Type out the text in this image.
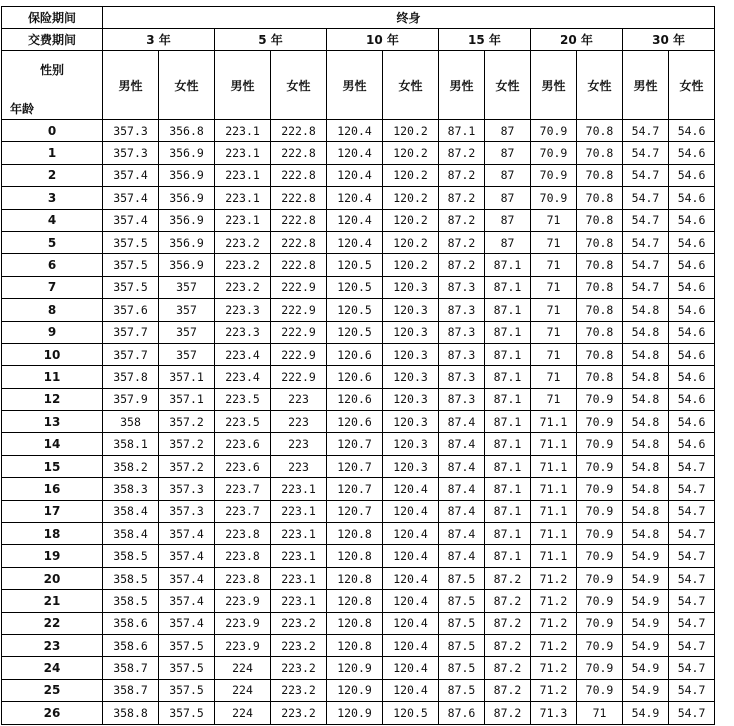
保险期间	终身											
交费期间	3 年		5 年		10 年		15 年		20 年		30 年	
性别	男性	女性	男性	女性	男性	女性	男性	女性	男性	女性	男性	女性
年龄												
0	357.3	356.8	223.1	222.8	120.4	120.2	87.1	87	70.9	70.8	54.7	54.6
1	357.3	356.9	223.1	222.8	120.4	120.2	87.2	87	70.9	70.8	54.7	54.6
2	357.4	356.9	223.1	222.8	120.4	120.2	87.2	87	70.9	70.8	54.7	54.6
3	357.4	356.9	223.1	222.8	120.4	120.2	87.2	87	70.9	70.8	54.7	54.6
4	357.4	356.9	223.1	222.8	120.4	120.2	87.2	87	71	70.8	54.7	54.6
5	357.5	356.9	223.2	222.8	120.4	120.2	87.2	87	71	70.8	54.7	54.6
6	357.5	356.9	223.2	222.8	120.5	120.2	87.2	87.1	71	70.8	54.7	54.6
7	357.5	357	223.2	222.9	120.5	120.3	87.3	87.1	71	70.8	54.7	54.6
8	357.6	357	223.3	222.9	120.5	120.3	87.3	87.1	71	70.8	54.8	54.6
9	357.7	357	223.3	222.9	120.5	120.3	87.3	87.1	71	70.8	54.8	54.6
10	357.7	357	223.4	222.9	120.6	120.3	87.3	87.1	71	70.8	54.8	54.6
11	357.8	357.1	223.4	222.9	120.6	120.3	87.3	87.1	71	70.8	54.8	54.6
12	357.9	357.1	223.5	223	120.6	120.3	87.3	87.1	71	70.9	54.8	54.6
13	358	357.2	223.5	223	120.6	120.3	87.4	87.1	71.1	70.9	54.8	54.6
14	358.1	357.2	223.6	223	120.7	120.3	87.4	87.1	71.1	70.9	54.8	54.6
15	358.2	357.2	223.6	223	120.7	120.3	87.4	87.1	71.1	70.9	54.8	54.7
16	358.3	357.3	223.7	223.1	120.7	120.4	87.4	87.1	71.1	70.9	54.8	54.7
17	358.4	357.3	223.7	223.1	120.7	120.4	87.4	87.1	71.1	70.9	54.8	54.7
18	358.4	357.4	223.8	223.1	120.8	120.4	87.4	87.1	71.1	70.9	54.8	54.7
19	358.5	357.4	223.8	223.1	120.8	120.4	87.4	87.1	71.1	70.9	54.9	54.7
20	358.5	357.4	223.8	223.1	120.8	120.4	87.5	87.2	71.2	70.9	54.9	54.7
21	358.5	357.4	223.9	223.1	120.8	120.4	87.5	87.2	71.2	70.9	54.9	54.7
22	358.6	357.4	223.9	223.2	120.8	120.4	87.5	87.2	71.2	70.9	54.9	54.7
23	358.6	357.5	223.9	223.2	120.8	120.4	87.5	87.2	71.2	70.9	54.9	54.7
24	358.7	357.5	224	223.2	120.9	120.4	87.5	87.2	71.2	70.9	54.9	54.7
25	358.7	357.5	224	223.2	120.9	120.4	87.5	87.2	71.2	70.9	54.9	54.7
26	358.8	357.5	224	223.2	120.9	120.5	87.6	87.2	71.3	71	54.9	54.7
